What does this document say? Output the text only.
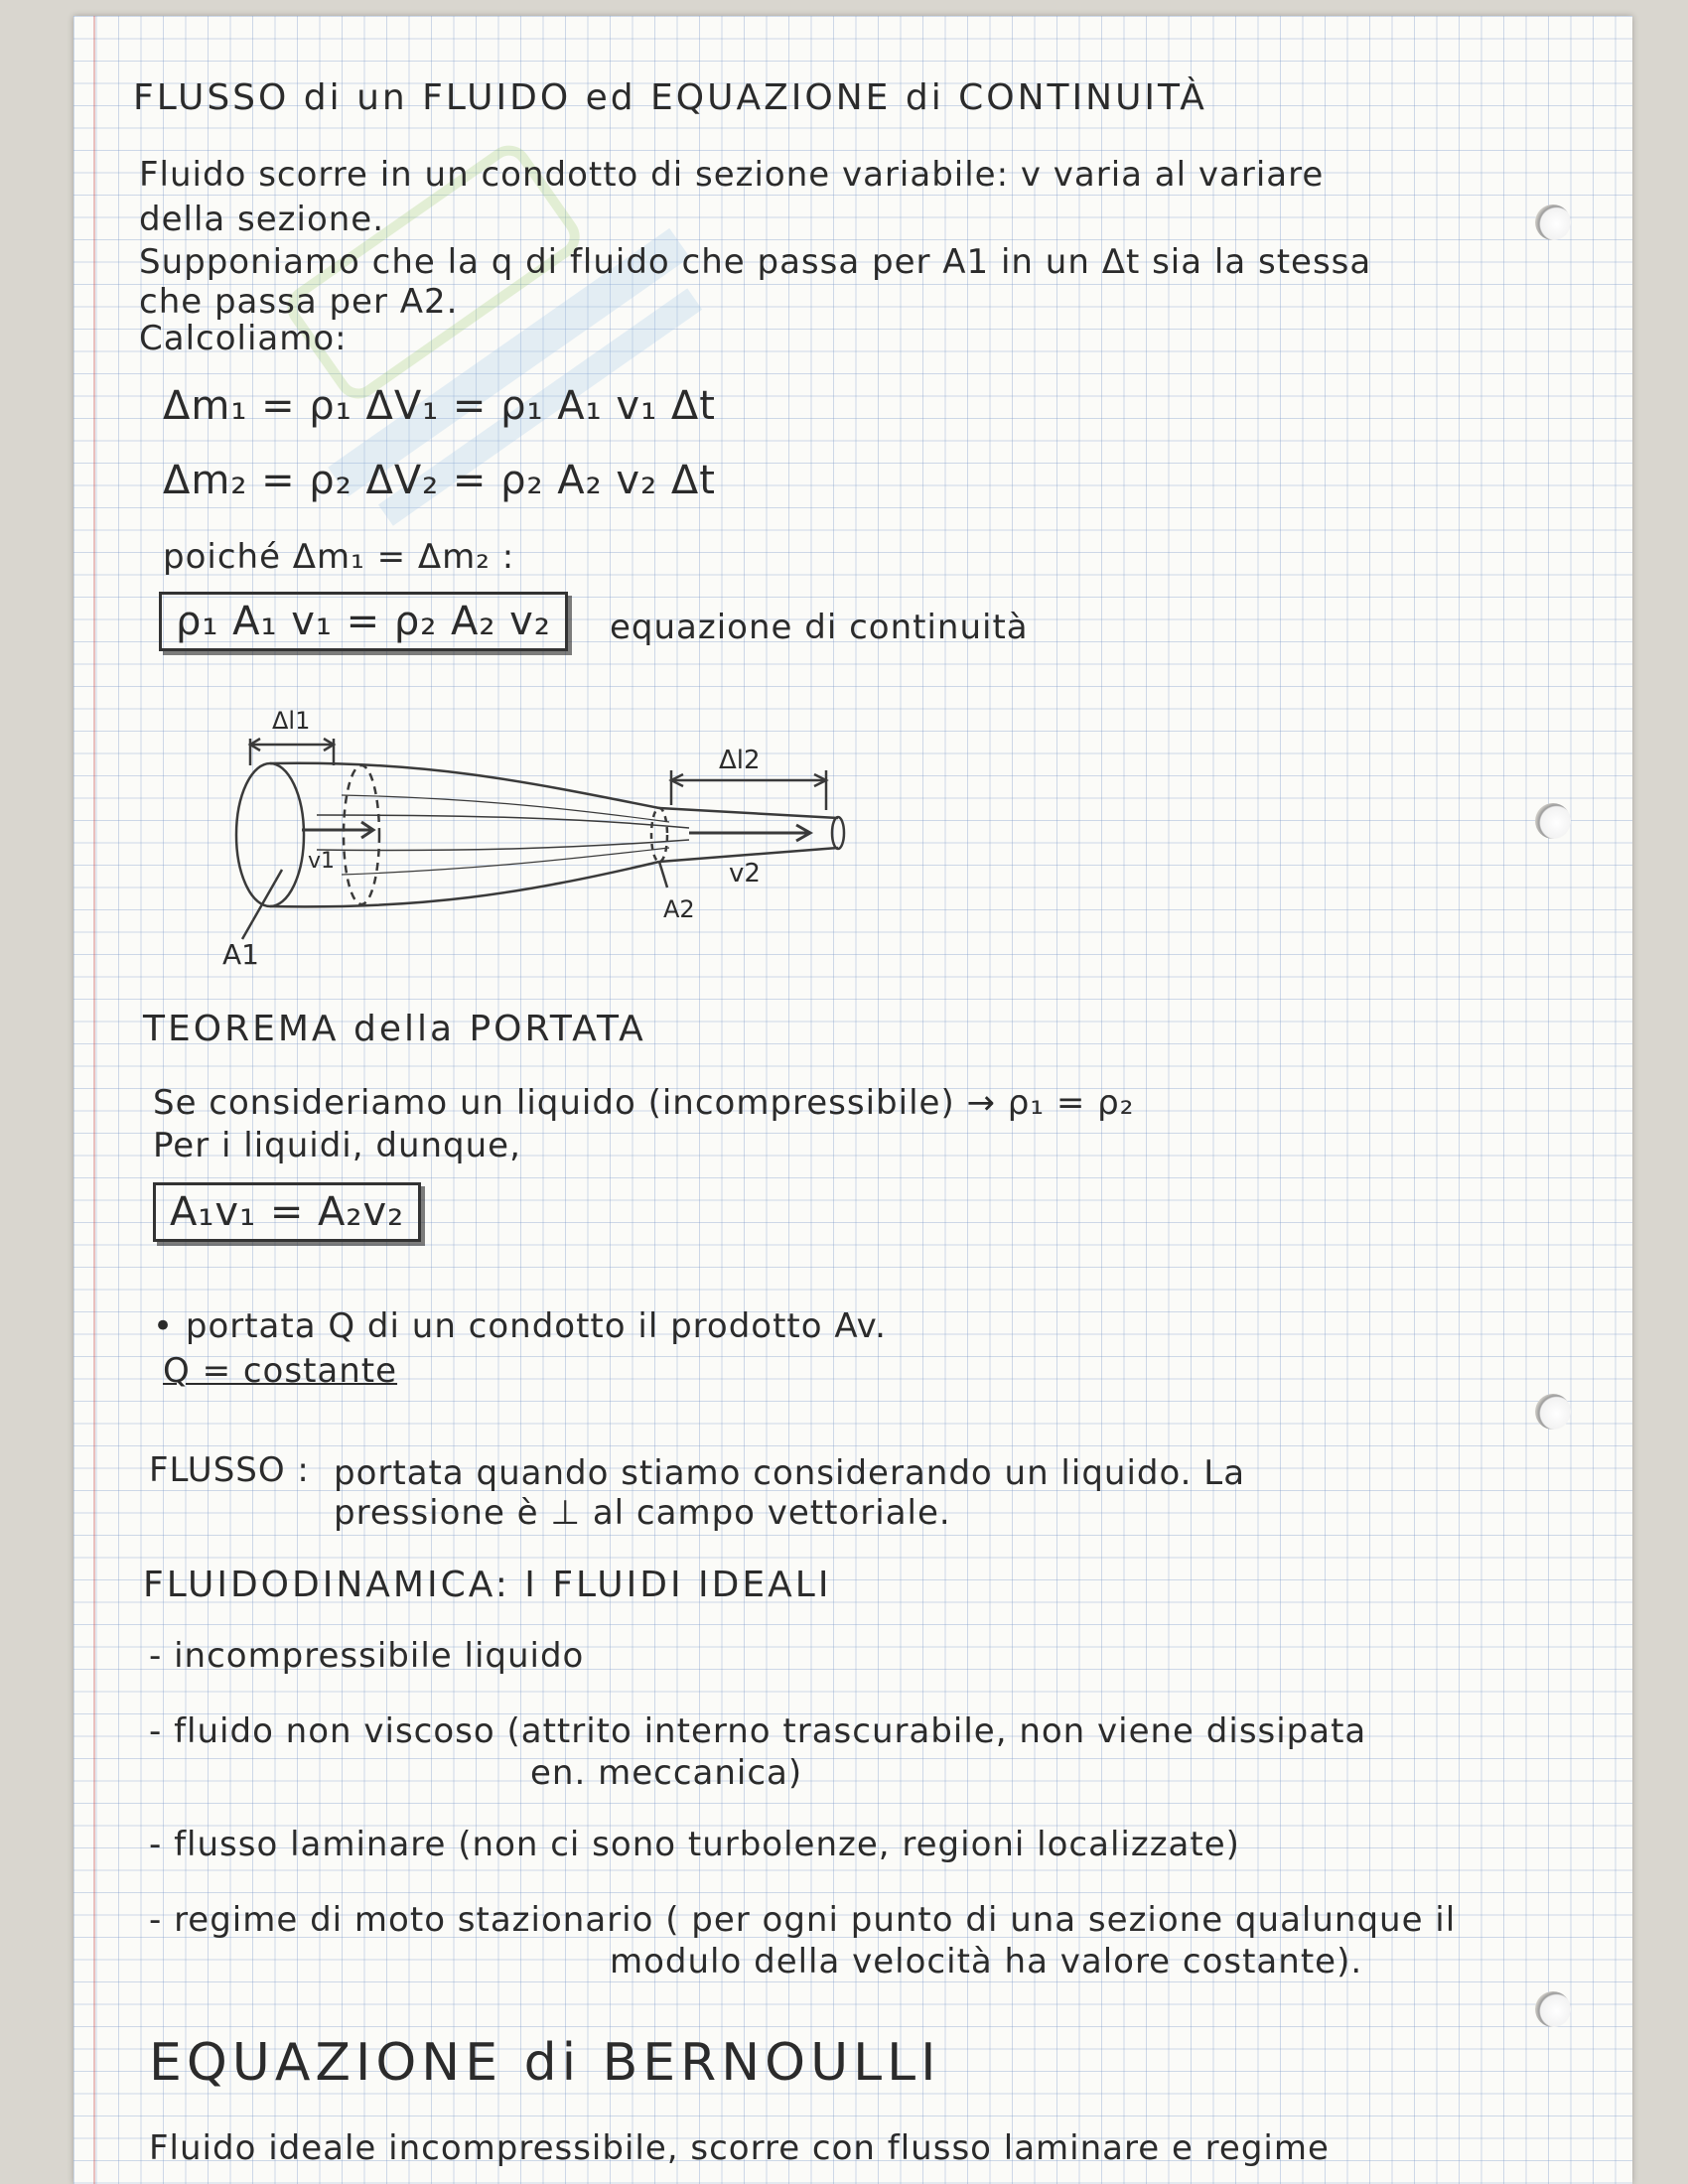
FLUSSO di un FLUIDO ed EQUAZIONE di CONTINUITÀ
Fluido scorre in un condotto di sezione variabile: v varia al variare
della sezione.
Supponiamo che la q di fluido che passa per A1 in un Δt sia la stessa
che passa per A2.
Calcoliamo:
Δm₁ = ρ₁ ΔV₁ = ρ₁ A₁ v₁ Δt
Δm₂ = ρ₂ ΔV₂ = ρ₂ A₂ v₂ Δt
poiché Δm₁ = Δm₂ :
ρ₁ A₁ v₁ = ρ₂ A₂ v₂	equazione di continuità
Δl1
Δl2
v1	v2
A1
A2
TEOREMA della PORTATA
Se consideriamo un liquido (incompressibile) → ρ₁ = ρ₂
Per i liquidi, dunque,
A₁v₁ = A₂v₂
• portata Q di un condotto il prodotto Av.
Q = costante
FLUSSO : portata quando stiamo considerando un liquido. La
pressione è ⊥ al campo vettoriale.
FLUIDODINAMICA: I FLUIDI IDEALI
- incompressibile liquido
- fluido non viscoso (attrito interno trascurabile, non viene dissipata
en. meccanica)
- flusso laminare (non ci sono turbolenze, regioni localizzate)
- regime di moto stazionario ( per ogni punto di una sezione qualunque il
modulo della velocità ha valore costante).
EQUAZIONE di BERNOULLI
Fluido ideale incompressibile, scorre con flusso laminare e regime
